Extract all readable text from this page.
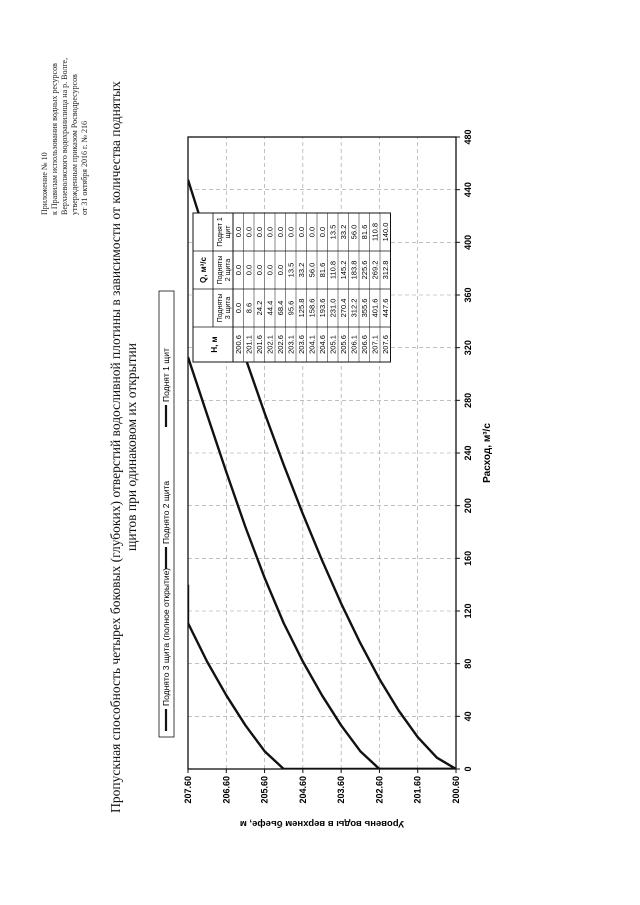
Приложение № 10 к Правилам использования водных ресурсов Верхневолжского водохранилища на р. Волге, утвержденным приказом Росводресурсов от 31 октября 2016 г. № 216 Пропускная способность четырех боковых (глубоких) отверстий водосливной плотины в зависимости от количества поднятых щитов при одинаковом их открытии
0
40
80
120
160
200
240
280
320
360
400
440
480
200.60
201.60
202.60
203.60
204.60
205.60
206.60
207.60
Расход, м³/с
Уровень воды в верхнем бьефе, м
Поднято 3 щита (полное открытие)
Поднято 2 щита
Поднят 1 щит
Н, м
Q, м³/с
Подняты 3 щита
Подняты 2 щита
Поднят 1 щит
200.6
0.0
0.0
0.0
201.1
8.6
0.0
0.0
201.6
24.2
0.0
0.0
202.1
44.4
0.0
0.0
202.6
68.4
0.0
0.0
203.1
95.6
13.5
0.0
203.6
125.8
33.2
0.0
204.1
158.6
56.0
0.0
204.6
193.6
81.6
0.0
205.1
231.0
110.8
13.5
205.6
270.4
145.2
33.2
206.1
312.2
183.8
56.0
206.6
355.6
225.6
81.6
207.1
401.6
269.2
110.8
207.6
447.6
312.8
140.0
